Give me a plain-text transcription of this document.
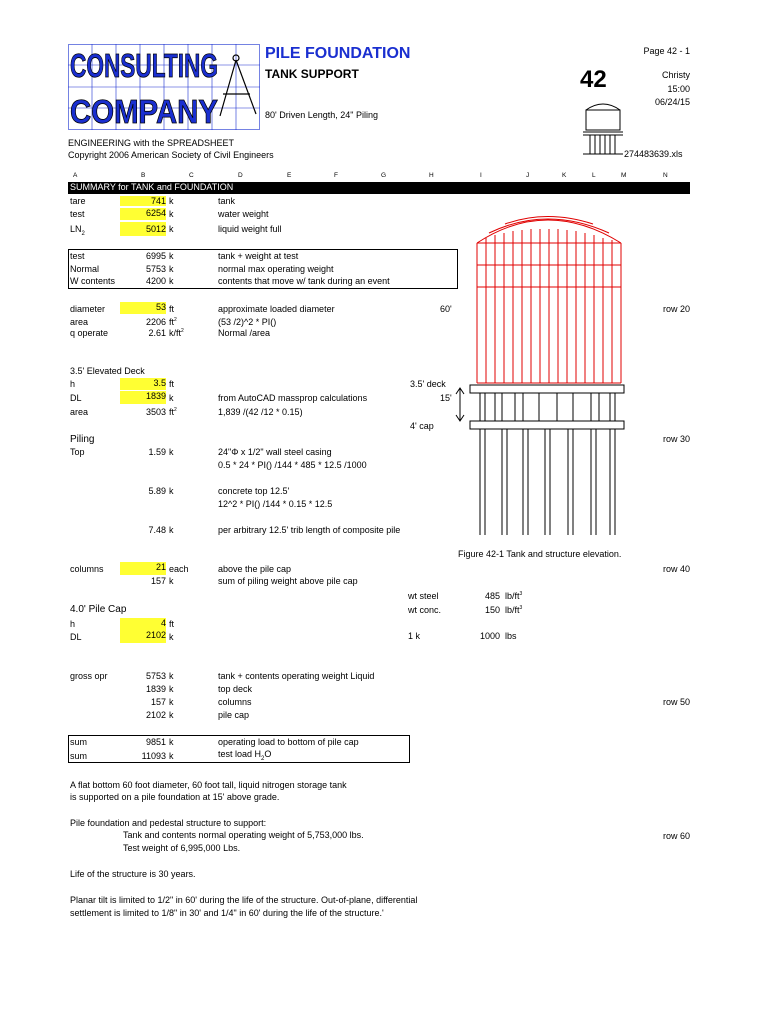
CONSULTING
COMPANY
PILE FOUNDATION
TANK SUPPORT
80' Driven Length, 24" Piling
ENGINEERING with the SPREADSHEET
Copyright 2006 American Society of Civil Engineers
Page 42 - 1
42	Christy
15:00
06/24/15
274483639.xls
A	B	C	D	E	F	G	H	I	J	K	L	M	N
SUMMARY for TANK and FOUNDATION
tare	741 k	tank
test	6254 k	water weight
$LN_2$	5012 k	liquid weight full
test	6995 k	tank + weight at test
Normal	5753 k	normal max operating weight
W contents	4200 k	contents that move w/ tank during an event
diameter	53 ft	approximate loaded diameter
area	2206 $ft^2$	(53 /2)^2 * PI()
q operate	2.61 $k/ft^2$	Normal /area
3.5' Elevated Deck
h	3.5 ft
DL	1839 k	from AutoCAD massprop calculations
area	3503 $ft^2$	1,839 /(42 /12 * 0.15)
Piling
Top	1.59 k	24"Φ x 1/2" wall steel casing
0.5 * 24 * PI() /144 * 485 * 12.5 /1000
5.89 k	concrete top 12.5'
12^2 * PI() /144 * 0.15 * 12.5
7.48 k	per arbitrary 12.5' trib length of composite pile
columns	21 each	above the pile cap
157 k	sum of piling weight above pile cap
wt steel	485 $lb/ft^3$
wt conc.	150 $lb/ft^3$
1 k	1000 lbs
4.0' Pile Cap
h	4 ft
DL	2102 k
gross opr	5753 k	tank + contents operating weight Liquid
1839 k	top deck
157 k	columns
2102 k	pile cap
sum	9851 k	operating load to bottom of pile cap
sum	11093 k	test load $H_2O$
A flat bottom 60 foot diameter, 60 foot tall, liquid nitrogen storage tank
is supported on a pile foundation at 15' above grade.
Pile foundation and pedestal structure to support:
Tank and contents normal operating weight of 5,753,000 lbs.
Test weight of 6,995,000 Lbs.
Life of the structure is 30 years.
Planar tilt is limited to 1/2" in 60' during the life of the structure. Out-of-plane, differential
settlement is limited to 1/8" in 30' and 1/4" in 60' during the life of the structure.'
row 20
row 30
row 40
row 50
row 60
60'
3.5' deck
15'
4' cap
Figure 42-1 Tank and structure elevation.
